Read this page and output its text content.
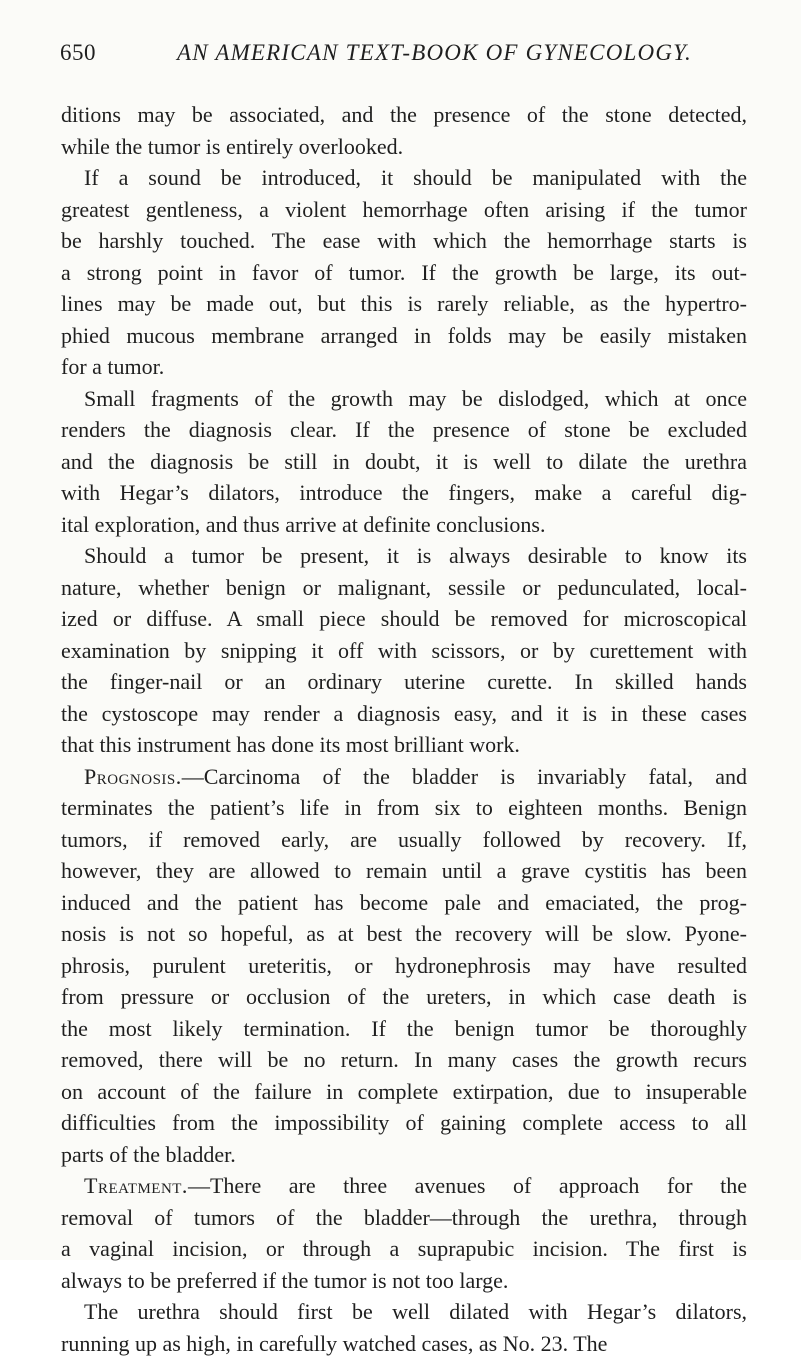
650	AN AMERICAN TEXT-BOOK OF GYNECOLOGY.
ditions may be associated, and the presence of the stone detected,
while the tumor is entirely overlooked.
If a sound be introduced, it should be manipulated with the
greatest gentleness, a violent hemorrhage often arising if the tumor
be harshly touched. The ease with which the hemorrhage starts is
a strong point in favor of tumor. If the growth be large, its out-
lines may be made out, but this is rarely reliable, as the hypertro-
phied mucous membrane arranged in folds may be easily mistaken
for a tumor.
Small fragments of the growth may be dislodged, which at once
renders the diagnosis clear. If the presence of stone be excluded
and the diagnosis be still in doubt, it is well to dilate the urethra
with Hegar’s dilators, introduce the fingers, make a careful dig-
ital exploration, and thus arrive at definite conclusions.
Should a tumor be present, it is always desirable to know its
nature, whether benign or malignant, sessile or pedunculated, local-
ized or diffuse. A small piece should be removed for microscopical
examination by snipping it off with scissors, or by curettement with
the finger-nail or an ordinary uterine curette. In skilled hands
the cystoscope may render a diagnosis easy, and it is in these cases
that this instrument has done its most brilliant work.
Prognosis.—Carcinoma of the bladder is invariably fatal, and
terminates the patient’s life in from six to eighteen months. Benign
tumors, if removed early, are usually followed by recovery. If,
however, they are allowed to remain until a grave cystitis has been
induced and the patient has become pale and emaciated, the prog-
nosis is not so hopeful, as at best the recovery will be slow. Pyone-
phrosis, purulent ureteritis, or hydronephrosis may have resulted
from pressure or occlusion of the ureters, in which case death is
the most likely termination. If the benign tumor be thoroughly
removed, there will be no return. In many cases the growth recurs
on account of the failure in complete extirpation, due to insuperable
difficulties from the impossibility of gaining complete access to all
parts of the bladder.
Treatment.—There are three avenues of approach for the
removal of tumors of the bladder—through the urethra, through
a vaginal incision, or through a suprapubic incision. The first is
always to be preferred if the tumor is not too large.
The urethra should first be well dilated with Hegar’s dilators,
running up as high, in carefully watched cases, as No. 23. The
